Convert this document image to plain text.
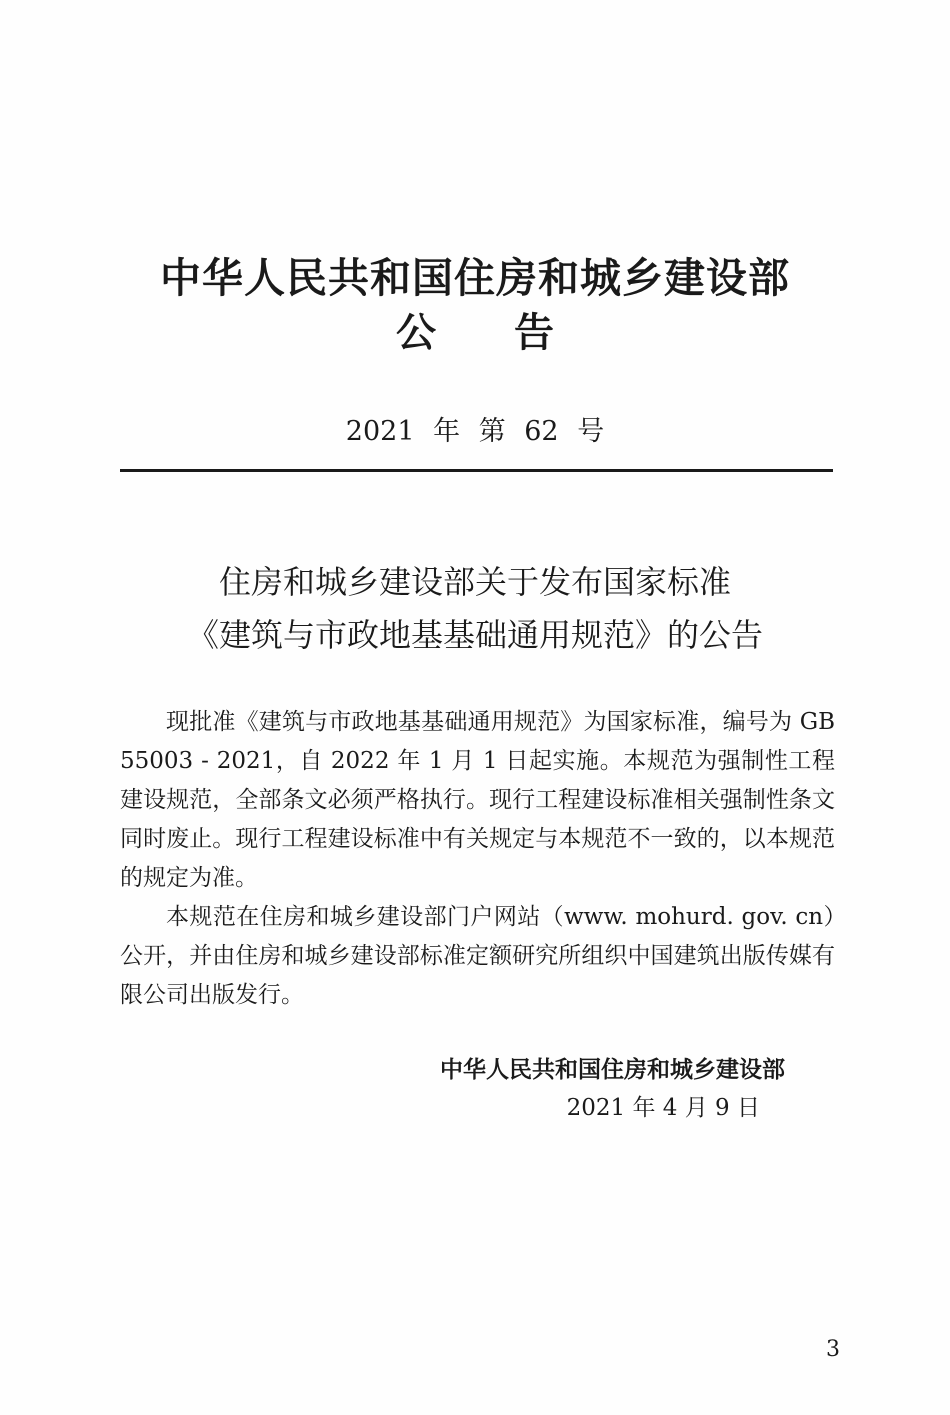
中华人民共和国住房和城乡建设部
公告
2021 年 第 62 号
住房和城乡建设部关于发布国家标准
《建筑与市政地基基础通用规范》的公告

现批准《建筑与市政地基基础通用规范》为国家标准，编号为 GB 55003 - 2021，自 2022 年 1 月 1 日起实施。本规范为强制性工程建设规范，全部条文必须严格执行。现行工程建设标准相关强制性条文同时废止。现行工程建设标准中有关规定与本规范不一致的，以本规范的规定为准。

本规范在住房和城乡建设部门户网站（www. mohurd. gov. cn）公开，并由住房和城乡建设部标准定额研究所组织中国建筑出版传媒有限公司出版发行。

中华人民共和国住房和城乡建设部
2021 年 4 月 9 日
3
